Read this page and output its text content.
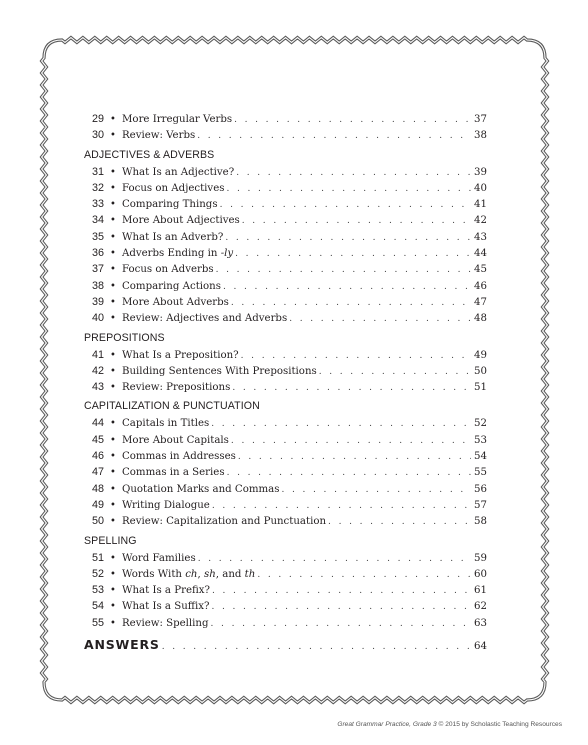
29 • More Irregular Verbs . . .	37
30 • Review: Verbs . . .	38
ADJECTIVES & ADVERBS
31 • What Is an Adjective? . . .	39
32 • Focus on Adjectives . . .	40
33 • Comparing Things . . .	41
34 • More About Adjectives . . .	42
35 • What Is an Adverb? . . .	43
36 • Adverbs Ending in -ly . . .	44
37 • Focus on Adverbs . . .	45
38 • Comparing Actions . . .	46
39 • More About Adverbs . . .	47
40 • Review: Adjectives and Adverbs . . .	48
PREPOSITIONS
41 • What Is a Preposition? . . .	49
42 • Building Sentences With Prepositions . . .	50
43 • Review: Prepositions . . .	51
CAPITALIZATION & PUNCTUATION
44 • Capitals in Titles . . .	52
45 • More About Capitals . . .	53
46 • Commas in Addresses . . .	54
47 • Commas in a Series . . .	55
48 • Quotation Marks and Commas . . .	56
49 • Writing Dialogue . . .	57
50 • Review: Capitalization and Punctuation . . .	58
SPELLING
51 • Word Families . . .	59
52 • Words With ch, sh, and th . . .	60
53 • What Is a Prefix? . . .	61
54 • What Is a Suffix? . . .	62
55 • Review: Spelling . . .	63
ANSWERS . . .	64
Great Grammar Practice, Grade 3 © 2015 by Scholastic Teaching Resources
